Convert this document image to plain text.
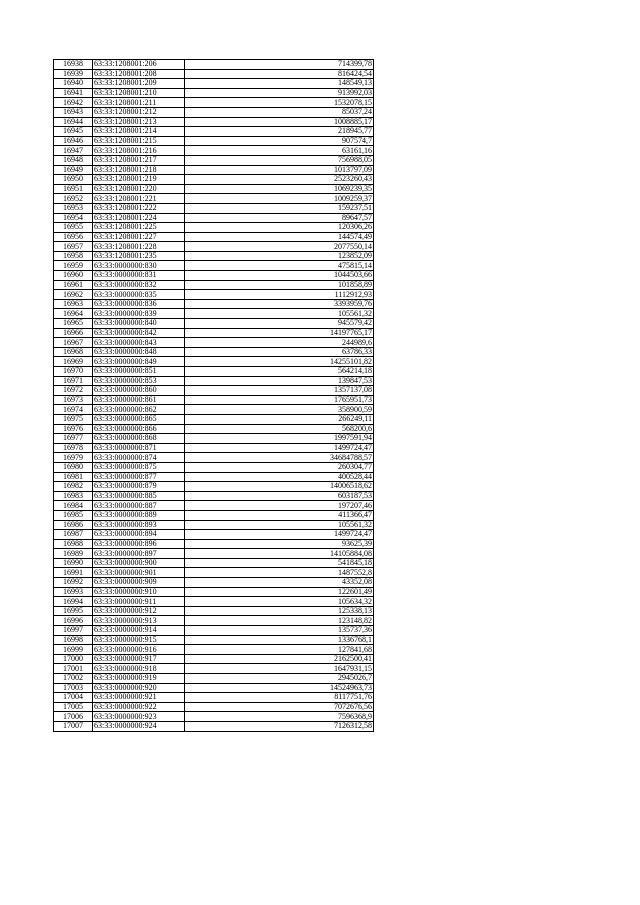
16938	63:33:1208001:206	714399,78
16939	63:33:1208001:208	816424,54
16940	63:33:1208001:209	148549,13
16941	63:33:1208001:210	913992,03
16942	63:33:1208001:211	1532078,15
16943	63:33:1208001:212	85037,24
16944	63:33:1208001:213	1008885,17
16945	63:33:1208001:214	218945,77
16946	63:33:1208001:215	907574,7
16947	63:33:1208001:216	63161,16
16948	63:33:1208001:217	756988,05
16949	63:33:1208001:218	1013797,09
16950	63:33:1208001:219	2523260,43
16951	63:33:1208001:220	1069239,35
16952	63:33:1208001:221	1009259,37
16953	63:33:1208001:222	159237,51
16954	63:33:1208001:224	89647,57
16955	63:33:1208001:225	120306,26
16956	63:33:1208001:227	144574,49
16957	63:33:1208001:228	2077550,14
16958	63:33:1208001:235	123852,09
16959	63:33:0000000:830	475815,14
16960	63:33:0000000:831	1044503,66
16961	63:33:0000000:832	101858,89
16962	63:33:0000000:835	1112912,93
16963	63:33:0000000:836	3393959,76
16964	63:33:0000000:839	105561,32
16965	63:33:0000000:840	945579,42
16966	63:33:0000000:842	14197765,17
16967	63:33:0000000:843	244989,6
16968	63:33:0000000:848	63786,33
16969	63:33:0000000:849	14255101,82
16970	63:33:0000000:851	564214,18
16971	63:33:0000000:853	139847,53
16972	63:33:0000000:860	1357137,08
16973	63:33:0000000:861	1765951,73
16974	63:33:0000000:862	358900,59
16975	63:33:0000000:865	266249,11
16976	63:33:0000000:866	568200,6
16977	63:33:0000000:868	1997591,94
16978	63:33:0000000:871	1499724,47
16979	63:33:0000000:874	34684788,57
16980	63:33:0000000:875	260304,77
16981	63:33:0000000:877	400528,44
16982	63:33:0000000:879	14006518,62
16983	63:33:0000000:885	603187,53
16984	63:33:0000000:887	197207,46
16985	63:33:0000000:889	411366,47
16986	63:33:0000000:893	105561,32
16987	63:33:0000000:894	1499724,47
16988	63:33:0000000:896	93625,39
16989	63:33:0000000:897	14105884,08
16990	63:33:0000000:900	541845,18
16991	63:33:0000000:901	1487552,8
16992	63:33:0000000:909	43352,08
16993	63:33:0000000:910	122601,49
16994	63:33:0000000:911	105634,32
16995	63:33:0000000:912	125338,13
16996	63:33:0000000:913	123148,82
16997	63:33:0000000:914	135737,36
16998	63:33:0000000:915	1336768,1
16999	63:33:0000000:916	127841,68
17000	63:33:0000000:917	2162500,41
17001	63:33:0000000:918	1647931,15
17002	63:33:0000000:919	2945026,7
17003	63:33:0000000:920	14524963,73
17004	63:33:0000000:921	8117751,76
17005	63:33:0000000:922	7072676,56
17006	63:33:0000000:923	7596368,9
17007	63:33:0000000:924	7126312,58
